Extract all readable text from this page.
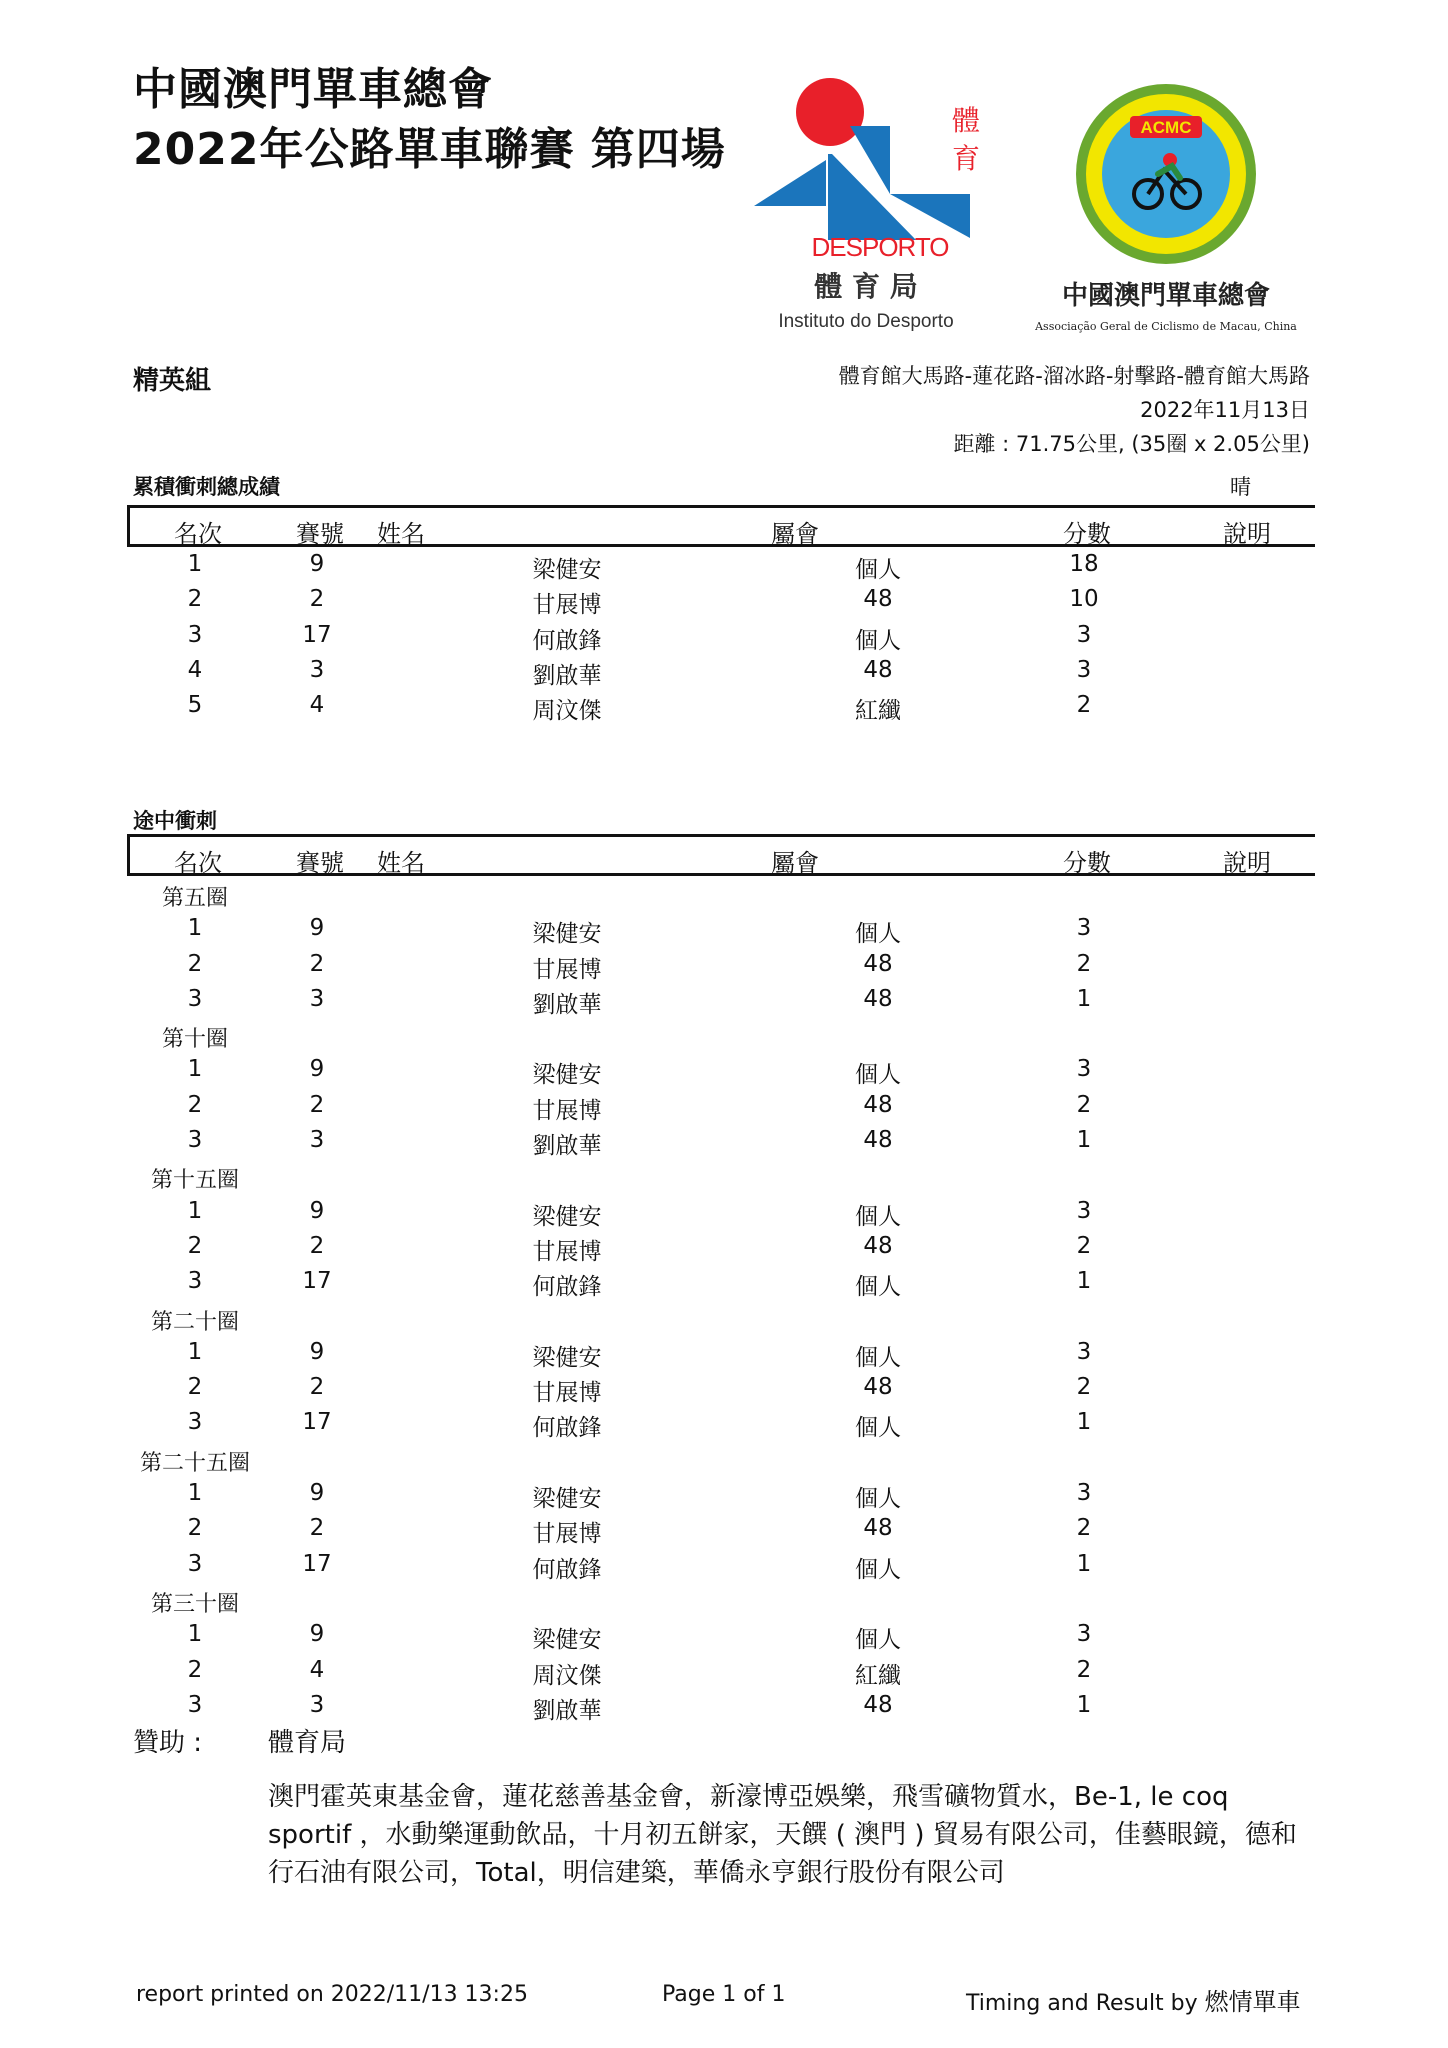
中國澳門單車總會
2022年公路單車聯賽 第四場
體
育
DESPORTO
體 育 局
Instituto do Desporto
ACMC
中國澳門單車總會
Associação Geral de Ciclismo de Macau, China
精英組	體育館大馬路-蓮花路-溜冰路-射擊路-體育館大馬路
2022年11月13日
距離 : 71.75公里, (35圈 x 2.05公里)
累積衝刺總成績	晴
名次	賽號 姓名	屬會	分數	說明
1	9	梁健安	個人	18
2	2	甘展博	48	10
3	17	何啟鋒	個人	3
4	3	劉啟華	48	3
5	4	周汶傑	紅纖	2
途中衝刺
名次	賽號 姓名	屬會	分數	說明
第五圈
1	9	梁健安	個人	3
2	2	甘展博	48	2
3	3	劉啟華	48	1
第十圈
1	9	梁健安	個人	3
2	2	甘展博	48	2
3	3	劉啟華	48	1
第十五圈
1	9	梁健安	個人	3
2	2	甘展博	48	2
3	17	何啟鋒	個人	1
第二十圈
1	9	梁健安	個人	3
2	2	甘展博	48	2
3	17	何啟鋒	個人	1
第二十五圈
1	9	梁健安	個人	3
2	2	甘展博	48	2
3	17	何啟鋒	個人	1
第三十圈
1	9	梁健安	個人	3
2	4	周汶傑	紅纖	2
3	3	劉啟華	48	1
贊助 :	體育局
澳門霍英東基金會，蓮花慈善基金會，新濠博亞娛樂，飛雪礦物質水，Be-1, le coq sportif ，水動樂運動飲品，十月初五餅家，天饌 ( 澳門 ) 貿易有限公司，佳藝眼鏡，德和行石油有限公司，Total，明信建築，華僑永亨銀行股份有限公司
report printed on 2022/11/13 13:25	Page 1 of 1	Timing and Result by 燃情單車
